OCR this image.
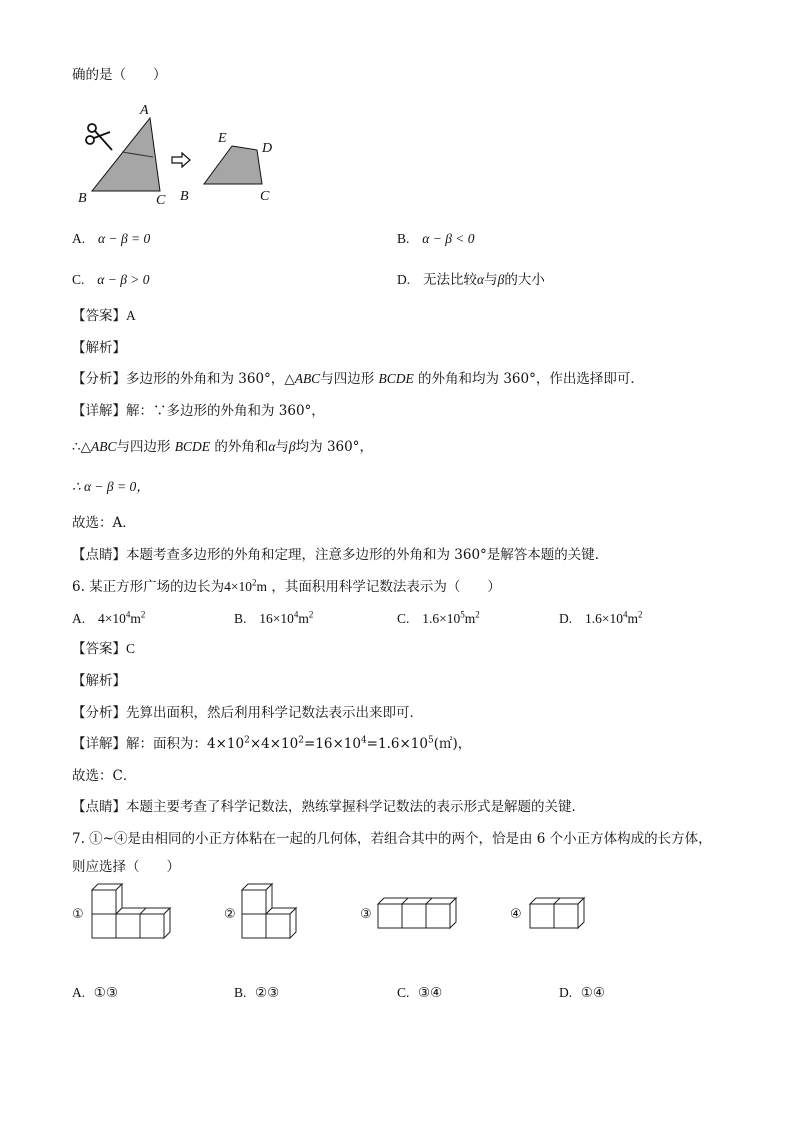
确的是（　　）
A
B	C
E
D
B	C
A. α − β = 0	B. α − β < 0
C. α − β > 0	D. 无法比较α与β的大小
【答案】A
【解析】
【分析】多边形的外角和为 360°，△ABC与四边形 BCDE 的外角和均为 360°，作出选择即可．
【详解】解：∵多边形的外角和为 360°，
∴△ABC与四边形 BCDE 的外角和α与β均为 360°，
∴ α − β = 0，
故选：A．
【点睛】本题考查多边形的外角和定理，注意多边形的外角和为 360°是解答本题的关键．
6. 某正方形广场的边长为$4\times 10^2m$ ，其面积用科学记数法表示为（　　）
A. $4\times 10^4m^2$	B. $16\times 10^4m^2$	C. $1.6\times 10^5m^2$	D. $1.6\times 10^4m^2$
【答案】C
【解析】
【分析】先算出面积，然后利用科学记数法表示出来即可．
【详解】解：面积为：$4\times 10^2\times 4\times 10^2=16\times 10^4=1.6\times 10^5(㎡)$，
故选：C．
【点睛】本题主要考查了科学记数法，熟练掌握科学记数法的表示形式是解题的关键．
7. ①~④是由相同的小正方体粘在一起的几何体，若组合其中的两个，恰是由 6 个小正方体构成的长方体，
则应选择（　　）
①	②	③	④
A. ①③	B. ②③	C. ③④	D. ①④
